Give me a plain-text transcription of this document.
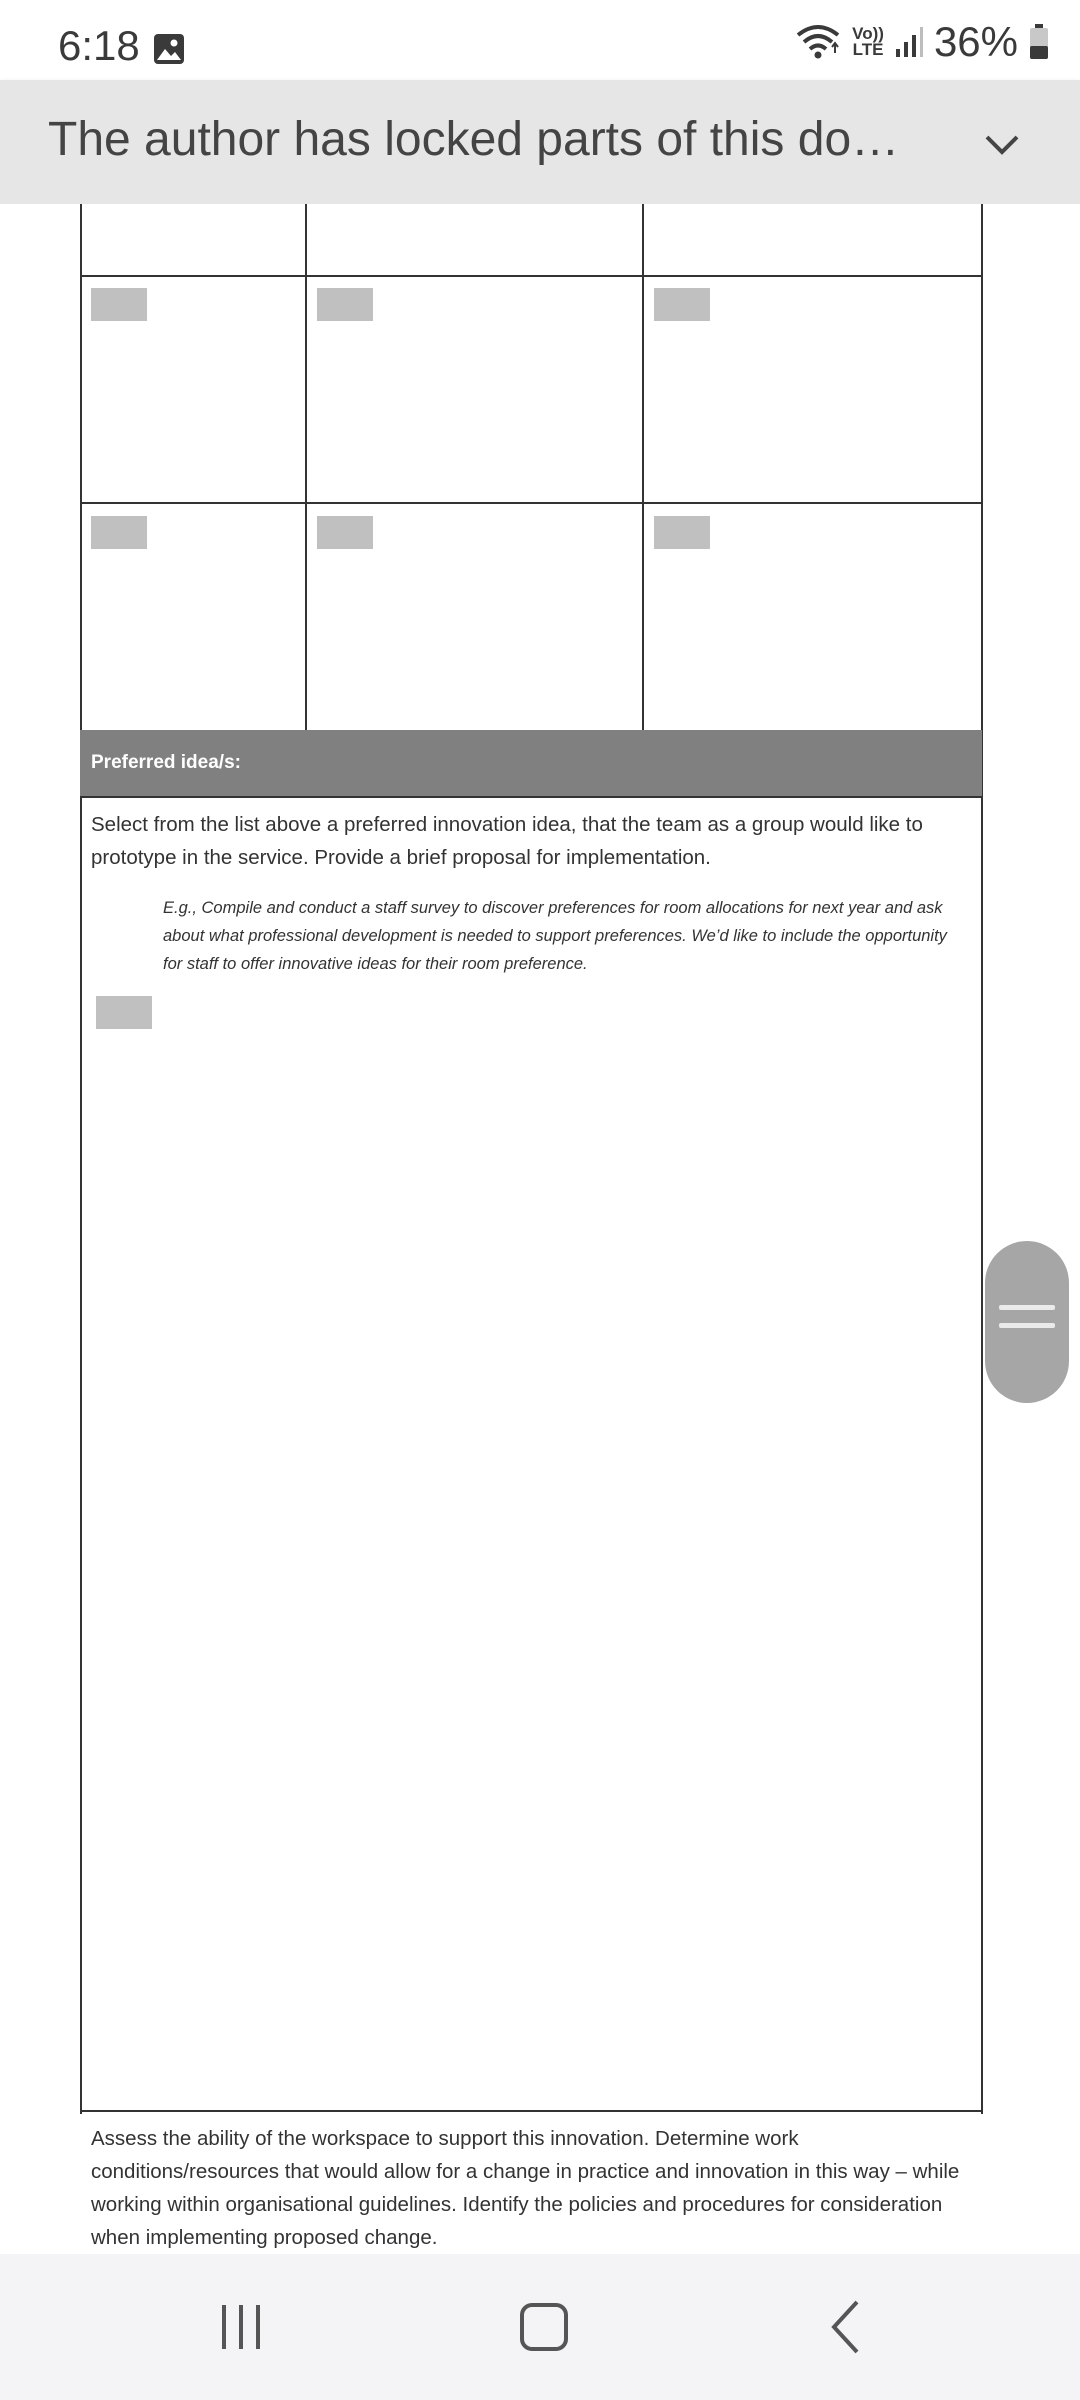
6:18	Vo))
LTE 36%
The author has locked parts of this do…
Preferred idea/s:
Select from the list above a preferred innovation idea, that the team as a group would like to prototype in the service. Provide a brief proposal for implementation.
E.g., Compile and conduct a staff survey to discover preferences for room allocations for next year and ask about what professional development is needed to support preferences. We’d like to include the opportunity for staff to offer innovative ideas for their room preference.
Assess the ability of the workspace to support this innovation. Determine work conditions/resources that would allow for a change in practice and innovation in this way – while working within organisational guidelines. Identify the policies and procedures for consideration when implementing proposed change.
